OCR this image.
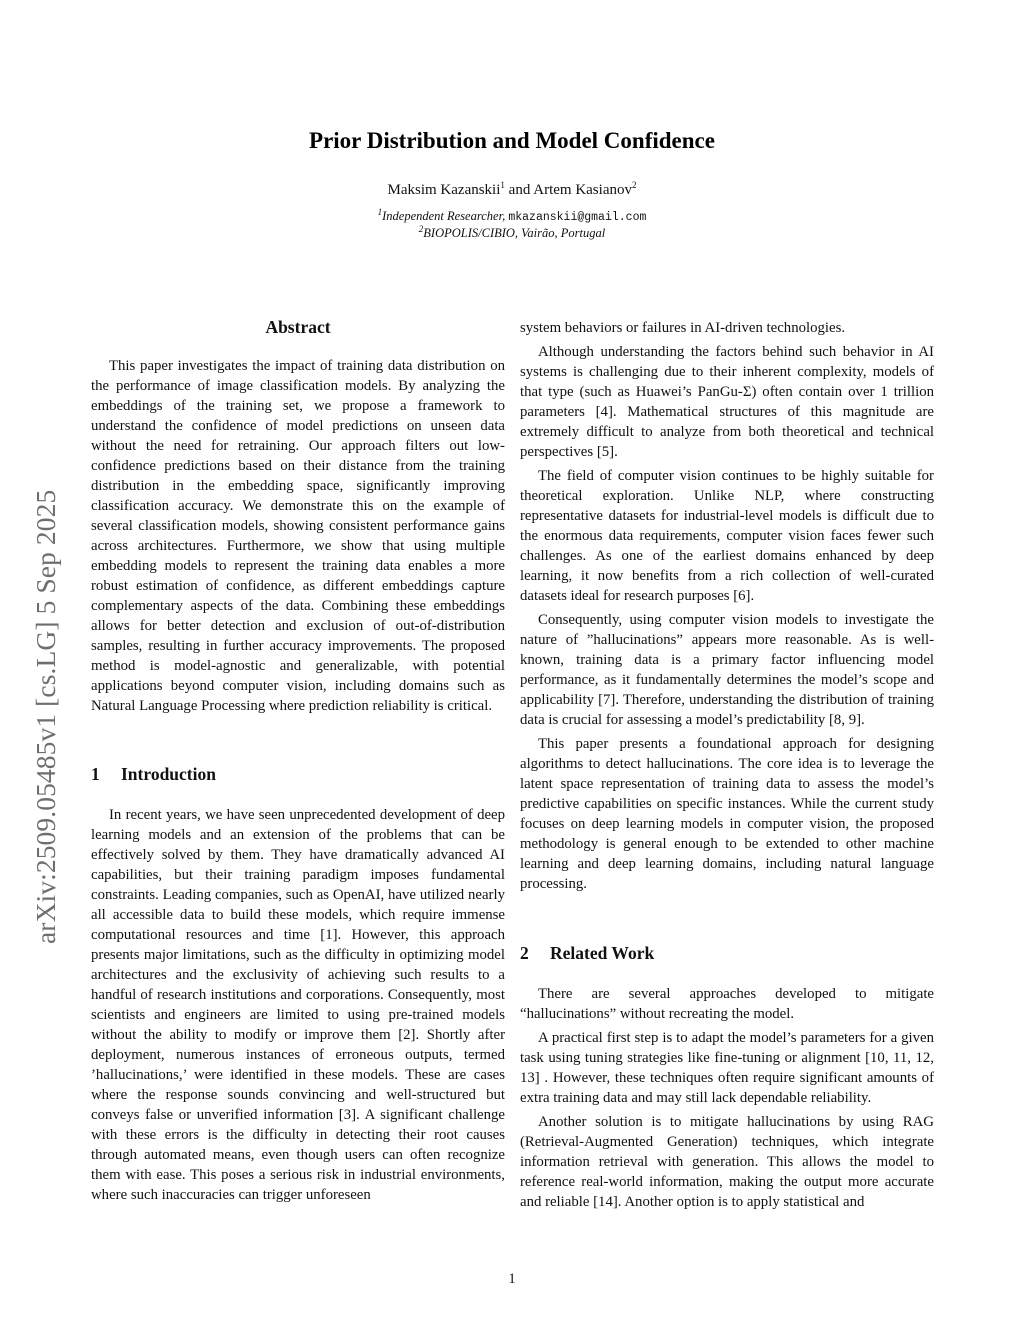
arXiv:2509.05485v1 [cs.LG] 5 Sep 2025
Prior Distribution and Model Confidence
Maksim Kazanskii$^1$ and Artem Kasianov$^2$
$^1$Independent Researcher, mkazanskii@gmail.com
$^2$BIOPOLIS/CIBIO, Vairão, Portugal
Abstract

This paper investigates the impact of training data distribution on the performance of image classification models. By analyzing the embeddings of the training set, we propose a framework to understand the confidence of model predictions on unseen data without the need for retraining. Our approach filters out low-confidence predictions based on their distance from the training distribution in the embedding space, significantly improving classification accuracy. We demonstrate this on the example of several classification models, showing consistent performance gains across architectures. Furthermore, we show that using multiple embedding models to represent the training data enables a more robust estimation of confidence, as different embeddings capture complementary aspects of the data. Combining these embeddings allows for better detection and exclusion of out-of-distribution samples, resulting in further accuracy improvements. The proposed method is model-agnostic and generalizable, with potential applications beyond computer vision, including domains such as Natural Language Processing where prediction reliability is critical.

1	Introduction

In recent years, we have seen unprecedented development of deep learning models and an extension of the problems that can be effectively solved by them. They have dramatically advanced AI capabilities, but their training paradigm imposes fundamental constraints. Leading companies, such as OpenAI, have utilized nearly all accessible data to build these models, which require immense computational resources and time [1]. However, this approach presents major limitations, such as the difficulty in optimizing model architectures and the exclusivity of achieving such results to a handful of research institutions and corporations. Consequently, most scientists and engineers are limited to using pre-trained models without the ability to modify or improve them [2]. Shortly after deployment, numerous instances of erroneous outputs, termed ’hallucinations,’ were identified in these models. These are cases where the response sounds convincing and well-structured but conveys false or unverified information [3]. A significant challenge with these errors is the difficulty in detecting their root causes through automated means, even though users can often recognize them with ease. This poses a serious risk in industrial environments, where such inaccuracies can trigger unforeseen

system behaviors or failures in AI-driven technologies.

Although understanding the factors behind such behavior in AI systems is challenging due to their inherent complexity, models of that type (such as Huawei’s PanGu-Σ) often contain over 1 trillion parameters [4]. Mathematical structures of this magnitude are extremely difficult to analyze from both theoretical and technical perspectives [5].

The field of computer vision continues to be highly suitable for theoretical exploration. Unlike NLP, where constructing representative datasets for industrial-level models is difficult due to the enormous data requirements, computer vision faces fewer such challenges. As one of the earliest domains enhanced by deep learning, it now benefits from a rich collection of well-curated datasets ideal for research purposes [6].

Consequently, using computer vision models to investigate the nature of ”hallucinations” appears more reasonable. As is well-known, training data is a primary factor influencing model performance, as it fundamentally determines the model’s scope and applicability [7]. Therefore, understanding the distribution of training data is crucial for assessing a model’s predictability [8, 9].

This paper presents a foundational approach for designing algorithms to detect hallucinations. The core idea is to leverage the latent space representation of training data to assess the model’s predictive capabilities on specific instances. While the current study focuses on deep learning models in computer vision, the proposed methodology is general enough to be extended to other machine learning and deep learning domains, including natural language processing.

2	Related Work

There are several approaches developed to mitigate “hallucinations” without recreating the model.

A practical first step is to adapt the model’s parameters for a given task using tuning strategies like fine-tuning or alignment [10, 11, 12, 13] . However, these techniques often require significant amounts of extra training data and may still lack dependable reliability.

Another solution is to mitigate hallucinations by using RAG (Retrieval-Augmented Generation) techniques, which integrate information retrieval with generation. This allows the model to reference real-world information, making the output more accurate and reliable [14]. Another option is to apply statistical and

1
